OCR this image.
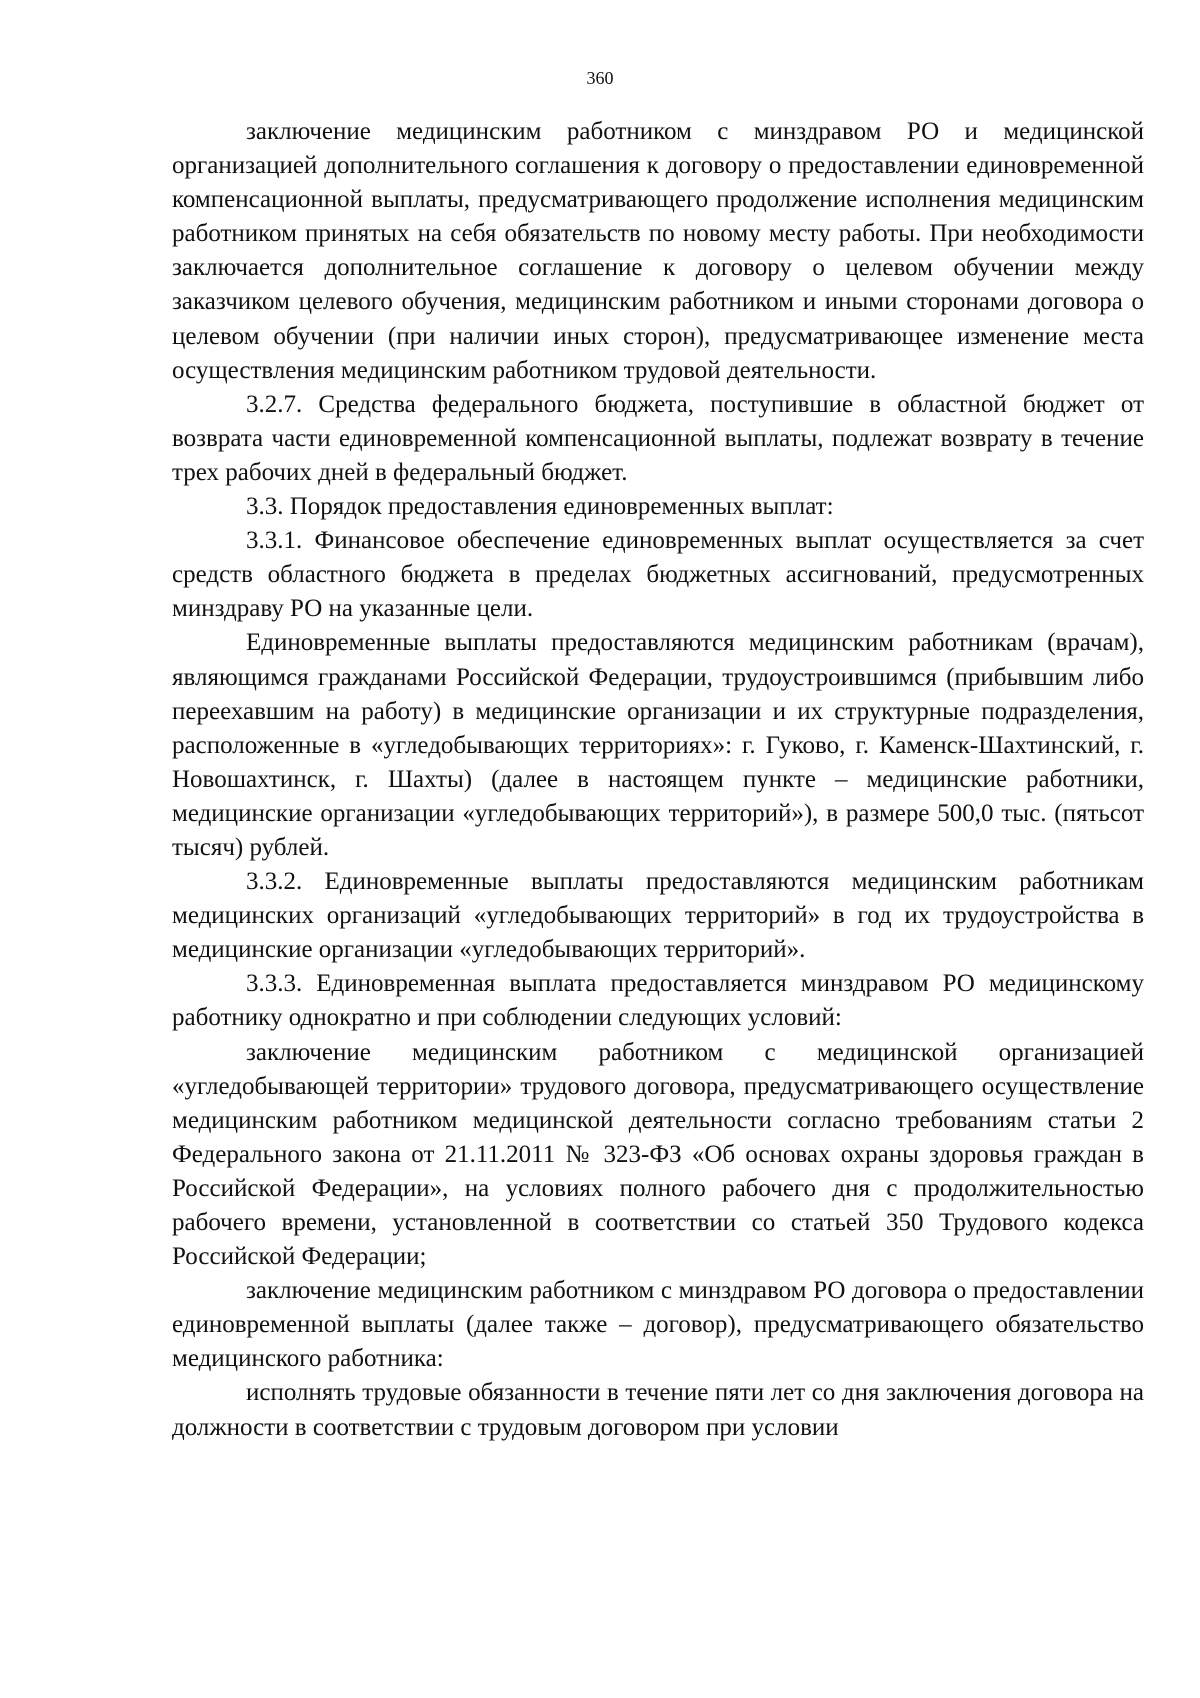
360

заключение медицинским работником с минздравом РО и медицинской организацией дополнительного соглашения к договору о предоставлении единовременной компенсационной выплаты, предусматривающего продолжение исполнения медицинским работником принятых на себя обязательств по новому месту работы. При необходимости заключается дополнительное соглашение к договору о целевом обучении между заказчиком целевого обучения, медицинским работником и иными сторонами договора о целевом обучении (при наличии иных сторон), предусматривающее изменение места осуществления медицинским работником трудовой деятельности.

3.2.7. Средства федерального бюджета, поступившие в областной бюджет от возврата части единовременной компенсационной выплаты, подлежат возврату в течение трех рабочих дней в федеральный бюджет.

3.3. Порядок предоставления единовременных выплат:

3.3.1. Финансовое обеспечение единовременных выплат осуществляется за счет средств областного бюджета в пределах бюджетных ассигнований, предусмотренных минздраву РО на указанные цели.

Единовременные выплаты предоставляются медицинским работникам (врачам), являющимся гражданами Российской Федерации, трудоустроившимся (прибывшим либо переехавшим на работу) в медицинские организации и их структурные подразделения, расположенные в «угледобывающих территориях»: г. Гуково, г. Каменск-Шахтинский, г. Новошахтинск, г. Шахты) (далее в настоящем пункте – медицинские работники, медицинские организации «угледобывающих территорий»), в размере 500,0 тыс. (пятьсот тысяч) рублей.

3.3.2. Единовременные выплаты предоставляются медицинским работникам медицинских организаций «угледобывающих территорий» в год их трудоустройства в медицинские организации «угледобывающих территорий».

3.3.3. Единовременная выплата предоставляется минздравом РО медицинскому работнику однократно и при соблюдении следующих условий:

заключение медицинским работником с медицинской организацией «угледобывающей территории» трудового договора, предусматривающего осуществление медицинским работником медицинской деятельности согласно требованиям статьи 2 Федерального закона от 21.11.2011 № 323-ФЗ «Об основах охраны здоровья граждан в Российской Федерации», на условиях полного рабочего дня с продолжительностью рабочего времени, установленной в соответствии со статьей 350 Трудового кодекса Российской Федерации;

заключение медицинским работником с минздравом РО договора о предоставлении единовременной выплаты (далее также – договор), предусматривающего обязательство медицинского работника:

исполнять трудовые обязанности в течение пяти лет со дня заключения договора на должности в соответствии с трудовым договором при условии
